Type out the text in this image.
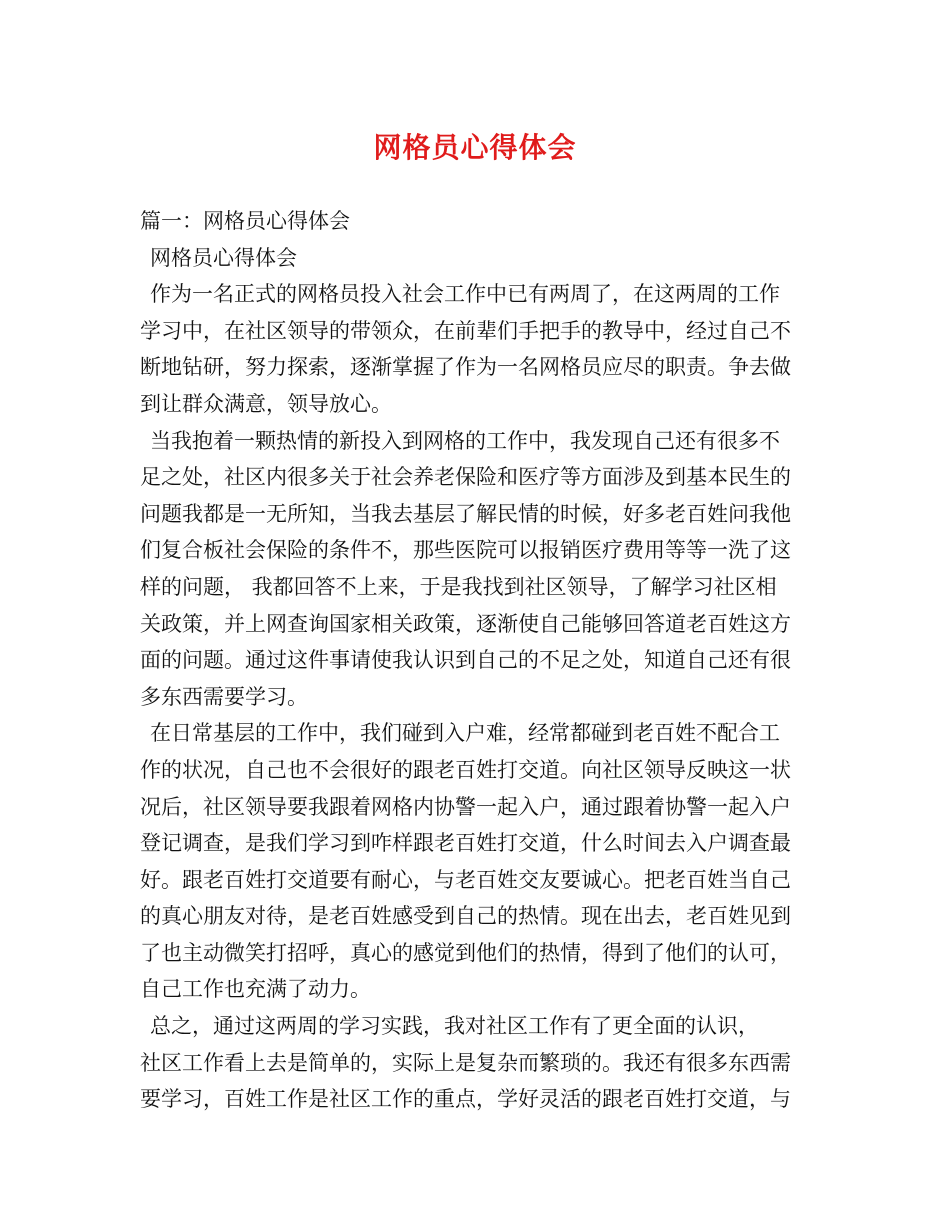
网格员心得体会
篇一：网格员心得体会
网格员心得体会
作为一名正式的网格员投入社会工作中已有两周了，在这两周的工作
学习中，在社区领导的带领众，在前辈们手把手的教导中，经过自己不
断地钻研，努力探索，逐渐掌握了作为一名网格员应尽的职责。争去做
到让群众满意，领导放心。
当我抱着一颗热情的新投入到网格的工作中，我发现自己还有很多不
足之处，社区内很多关于社会养老保险和医疗等方面涉及到基本民生的
问题我都是一无所知，当我去基层了解民情的时候，好多老百姓问我他
们复合板社会保险的条件不，那些医院可以报销医疗费用等等一洗了这
样的问题， 我都回答不上来，于是我找到社区领导，了解学习社区相
关政策，并上网查询国家相关政策，逐渐使自己能够回答道老百姓这方
面的问题。通过这件事请使我认识到自己的不足之处，知道自己还有很
多东西需要学习。
在日常基层的工作中，我们碰到入户难，经常都碰到老百姓不配合工
作的状况，自己也不会很好的跟老百姓打交道。向社区领导反映这一状
况后，社区领导要我跟着网格内协警一起入户，通过跟着协警一起入户
登记调查，是我们学习到咋样跟老百姓打交道，什么时间去入户调查最
好。跟老百姓打交道要有耐心，与老百姓交友要诚心。把老百姓当自己
的真心朋友对待，是老百姓感受到自己的热情。现在出去，老百姓见到
了也主动微笑打招呼，真心的感觉到他们的热情，得到了他们的认可，
自己工作也充满了动力。
总之，通过这两周的学习实践，我对社区工作有了更全面的认识，
社区工作看上去是简单的，实际上是复杂而繁琐的。我还有很多东西需
要学习，百姓工作是社区工作的重点，学好灵活的跟老百姓打交道，与
